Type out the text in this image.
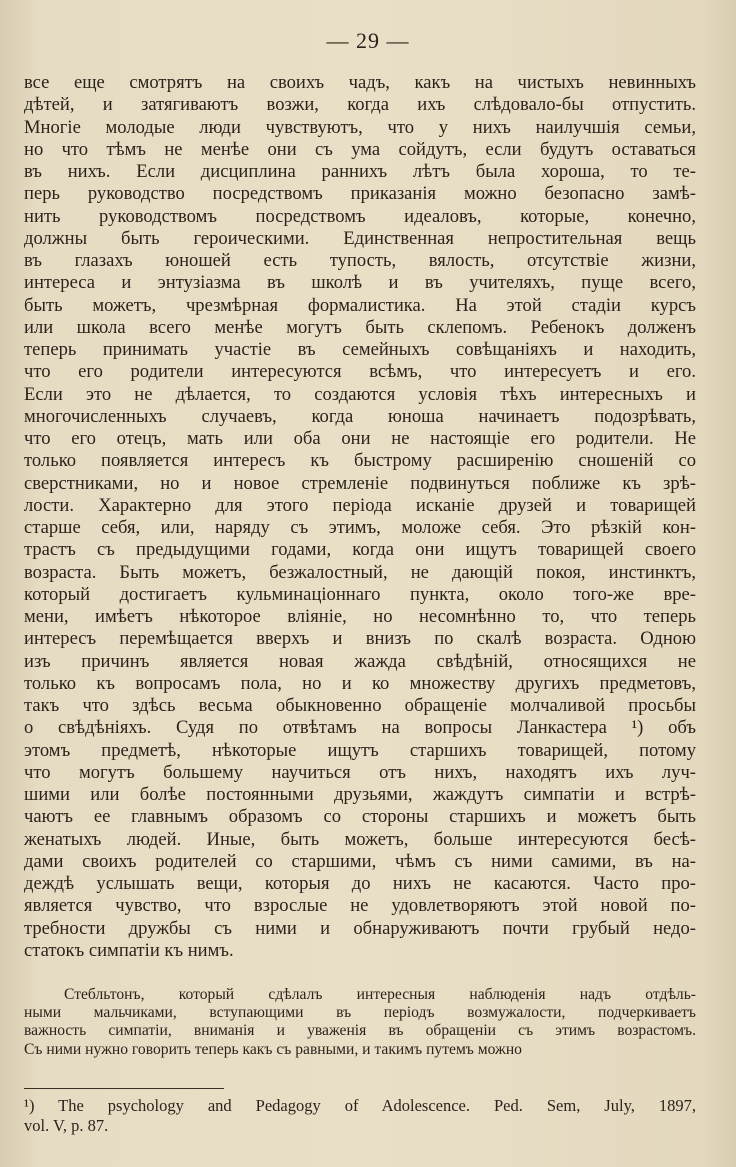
— 29 —
все еще смотрятъ на своихъ чадъ, какъ на чистыхъ невинныхъ
дѣтей, и затягиваютъ возжи, когда ихъ слѣдовало-бы отпустить.
Многіе молодые люди чувствуютъ, что у нихъ наилучшія семьи,
но что тѣмъ не менѣе они съ ума сойдутъ, если будутъ оставаться
въ нихъ. Если дисциплина раннихъ лѣтъ была хороша, то те-
перь руководство посредствомъ приказанія можно безопасно замѣ-
нить руководствомъ посредствомъ идеаловъ, которые, конечно,
должны быть героическими. Единственная непростительная вещь
въ глазахъ юношей есть тупость, вялость, отсутствіе жизни,
интереса и энтузіазма въ школѣ и въ учителяхъ, пуще всего,
быть можетъ, чрезмѣрная формалистика. На этой стадіи курсъ
или школа всего менѣе могутъ быть склепомъ. Ребенокъ долженъ
теперь принимать участіе въ семейныхъ совѣщаніяхъ и находить,
что его родители интересуются всѣмъ, что интересуетъ и его.
Если это не дѣлается, то создаются условія тѣхъ интересныхъ и
многочисленныхъ случаевъ, когда юноша начинаетъ подозрѣвать,
что его отецъ, мать или оба они не настоящіе его родители. Не
только появляется интересъ къ быстрому расширенію сношеній со
сверстниками, но и новое стремленіе подвинуться поближе къ зрѣ-
лости. Характерно для этого періода исканіе друзей и товарищей
старше себя, или, наряду съ этимъ, моложе себя. Это рѣзкій кон-
трастъ съ предыдущими годами, когда они ищутъ товарищей своего
возраста. Быть можетъ, безжалостный, не дающій покоя, инстинктъ,
который достигаетъ кульминаціоннаго пункта, около того-же вре-
мени, имѣетъ нѣкоторое вліяніе, но несомнѣнно то, что теперь
интересъ перемѣщается вверхъ и внизъ по скалѣ возраста. Одною
изъ причинъ является новая жажда свѣдѣній, относящихся не
только къ вопросамъ пола, но и ко множеству другихъ предметовъ,
такъ что здѣсь весьма обыкновенно обращеніе молчаливой просьбы
о свѣдѣніяхъ. Судя по отвѣтамъ на вопросы Ланкастера ¹) объ
этомъ предметѣ, нѣкоторые ищутъ старшихъ товарищей, потому
что могутъ большему научиться отъ нихъ, находятъ ихъ луч-
шими или болѣе постоянными друзьями, жаждутъ симпатіи и встрѣ-
чаютъ ее главнымъ образомъ со стороны старшихъ и можетъ быть
женатыхъ людей. Иные, быть можетъ, больше интересуются бесѣ-
дами своихъ родителей со старшими, чѣмъ съ ними самими, въ на-
деждѣ услышать вещи, которыя до нихъ не касаются. Часто про-
является чувство, что взрослые не удовлетворяютъ этой новой по-
требности дружбы съ ними и обнаруживаютъ почти грубый недо-
статокъ симпатіи къ нимъ.
Стебльтонъ, который сдѣлалъ интересныя наблюденія надъ отдѣль-
ными мальчиками, вступающими въ періодъ возмужалости, подчеркиваетъ
важность симпатіи, вниманія и уваженія въ обращеніи съ этимъ возрастомъ.
Съ ними нужно говорить теперь какъ съ равными, и такимъ путемъ можно
¹) The psychology and Pedagogy of Adolescence. Ped. Sem, July, 1897,
vol. V, p. 87.
